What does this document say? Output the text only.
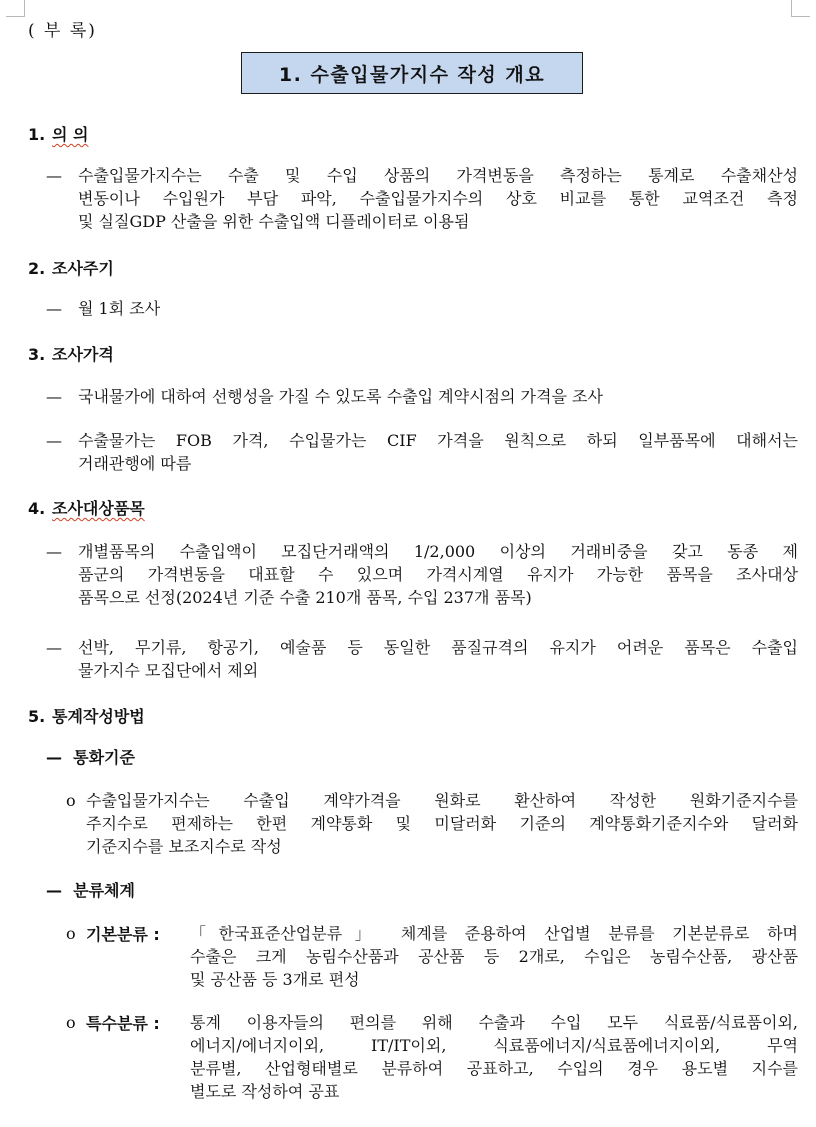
( 부 록)
1. 수출입물가지수 작성 개요
1. 의 의
— 수출입물가지수는 수출 및 수입 상품의 가격변동을 측정하는 통계로 수출채산성
변동이나 수입원가 부담 파악, 수출입물가지수의 상호 비교를 통한 교역조건 측정
및 실질GDP 산출을 위한 수출입액 디플레이터로 이용됨
2. 조사주기
— 월 1회 조사
3. 조사가격
— 국내물가에 대하여 선행성을 가질 수 있도록 수출입 계약시점의 가격을 조사
— 수출물가는 FOB 가격, 수입물가는 CIF 가격을 원칙으로 하되 일부품목에 대해서는
거래관행에 따름
4. 조사대상품목
— 개별품목의 수출입액이 모집단거래액의 1/2,000 이상의 거래비중을 갖고 동종 제
품군의 가격변동을 대표할 수 있으며 가격시계열 유지가 가능한 품목을 조사대상
품목으로 선정(2024년 기준 수출 210개 품목, 수입 237개 품목)
— 선박, 무기류, 항공기, 예술품 등 동일한 품질규격의 유지가 어려운 품목은 수출입
물가지수 모집단에서 제외
5. 통계작성방법
— 통화기준
o 수출입물가지수는 수출입 계약가격을 원화로 환산하여 작성한 원화기준지수를
주지수로 편제하는 한편 계약통화 및 미달러화 기준의 계약통화기준지수와 달러화
기준지수를 보조지수로 작성
— 분류체계
o 기본분류 : 「한국표준산업분류」 체계를 준용하여 산업별 분류를 기본분류로 하며
수출은 크게 농림수산품과 공산품 등 2개로, 수입은 농림수산품, 광산품
및 공산품 등 3개로 편성
o 특수분류 : 통계 이용자들의 편의를 위해 수출과 수입 모두 식료품/식료품이외,
에너지/에너지이외, IT/IT이외, 식료품에너지/식료품에너지이외, 무역
분류별, 산업형태별로 분류하여 공표하고, 수입의 경우 용도별 지수를
별도로 작성하여 공표
